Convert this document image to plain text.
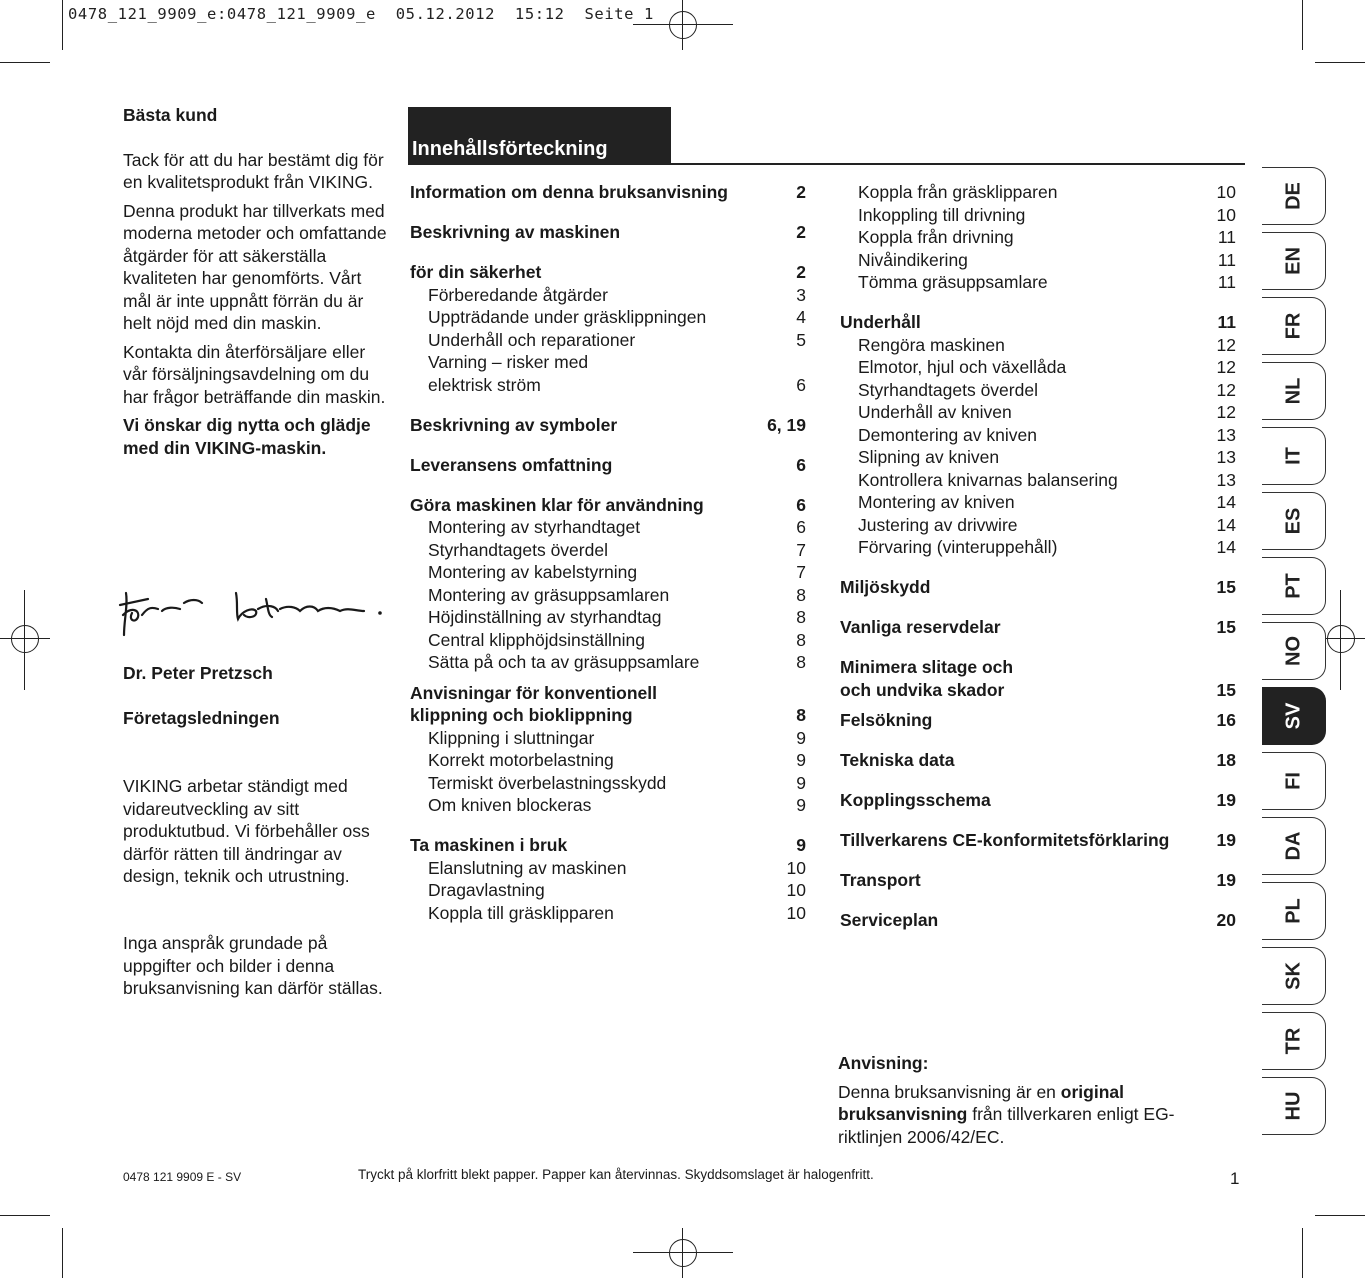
0478_121_9909_e:0478_121_9909_e  05.12.2012  15:12  Seite 1

Bästa kund

Tack för att du har bestämt dig för en kvalitetsprodukt från VIKING.

Denna produkt har tillverkats med moderna metoder och omfattande åtgärder för att säkerställa kvaliteten har genomförts. Vårt mål är inte uppnått förrän du är helt nöjd med din maskin.

Kontakta din återförsäljare eller vår försäljningsavdelning om du har frågor beträffande din maskin.

Vi önskar dig nytta och glädje med din VIKING-maskin.

Dr. Peter Pretzsch
Företagsledningen
VIKING arbetar ständigt med vidareutveckling av sitt produktutbud. Vi förbehåller oss därför rätten till ändringar av design, teknik och utrustning.
Inga anspråk grundade på uppgifter och bilder i denna bruksanvisning kan därför ställas.
Innehållsförteckning
Information om denna bruksanvisning	2
Beskrivning av maskinen	2
för din säkerhet	2
Förberedande åtgärder	3
Uppträdande under gräsklippningen	4
Underhåll och reparationer	5
Varning – risker med
elektrisk ström	6
Beskrivning av symboler	6, 19
Leveransens omfattning	6
Göra maskinen klar för användning	6
Montering av styrhandtaget	6
Styrhandtagets överdel	7
Montering av kabelstyrning	7
Montering av gräsuppsamlaren	8
Höjdinställning av styrhandtag	8
Central klipphöjdsinställning	8
Sätta på och ta av gräsuppsamlare	8
Anvisningar för konventionell
klippning och bioklippning	8
Klippning i sluttningar	9
Korrekt motorbelastning	9
Termiskt överbelastningsskydd	9
Om kniven blockeras	9
Ta maskinen i bruk	9
Elanslutning av maskinen	10
Dragavlastning	10
Koppla till gräsklipparen	10
Koppla från gräsklipparen	10
Inkoppling till drivning	10
Koppla från drivning	11
Nivåindikering	11
Tömma gräsuppsamlare	11
Underhåll	11
Rengöra maskinen	12
Elmotor, hjul och växellåda	12
Styrhandtagets överdel	12
Underhåll av kniven	12
Demontering av kniven	13
Slipning av kniven	13
Kontrollera knivarnas balansering	13
Montering av kniven	14
Justering av drivwire	14
Förvaring (vinteruppehåll)	14
Miljöskydd	15
Vanliga reservdelar	15
Minimera slitage och
och undvika skador	15
Felsökning	16
Tekniska data	18
Kopplingsschema	19
Tillverkarens CE-konformitetsförklaring	19
Transport	19
Serviceplan	20
DE
EN
FR
NL
IT
ES
PT
NO
SV
FI
DA
PL
SK
TR
HU
Anvisning:
Denna bruksanvisning är en original bruksanvisning från tillverkaren enligt EG-riktlinjen 2006/42/EC.
0478 121 9909 E - SV	Tryckt på klorfritt blekt papper. Papper kan återvinnas. Skyddsomslaget är halogenfritt.	1
